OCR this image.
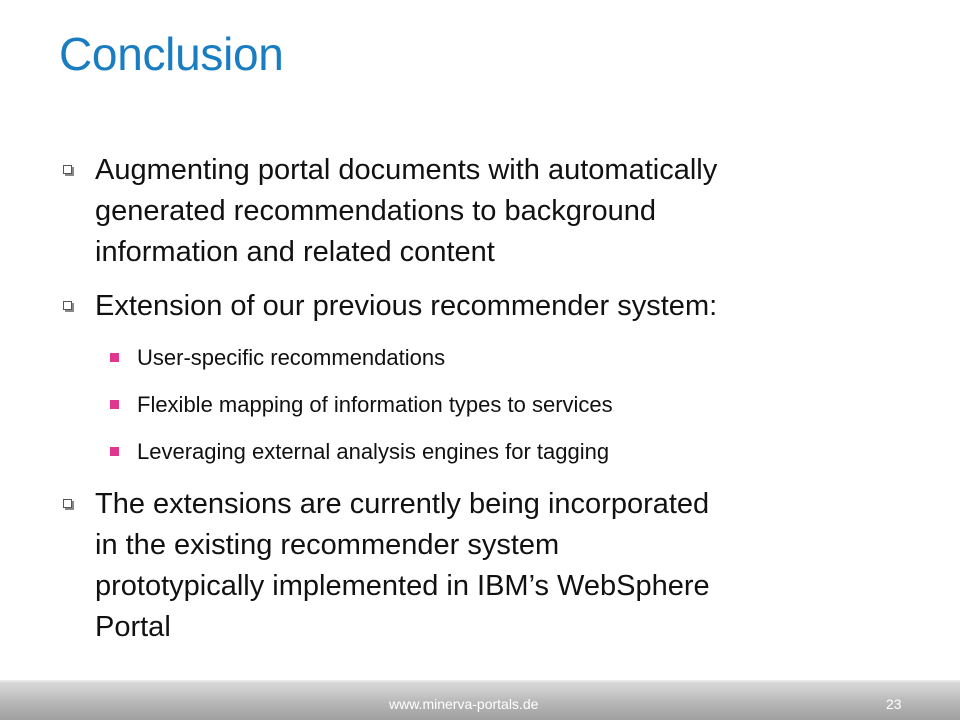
Conclusion
Augmenting portal documents with automatically
generated recommendations to background
information and related content
Extension of our previous recommender system:
User-specific recommendations
Flexible mapping of information types to services
Leveraging external analysis engines for tagging
The extensions are currently being incorporated
in the existing recommender system
prototypically implemented in IBM’s WebSphere
Portal
www.minerva-portals.de	23
